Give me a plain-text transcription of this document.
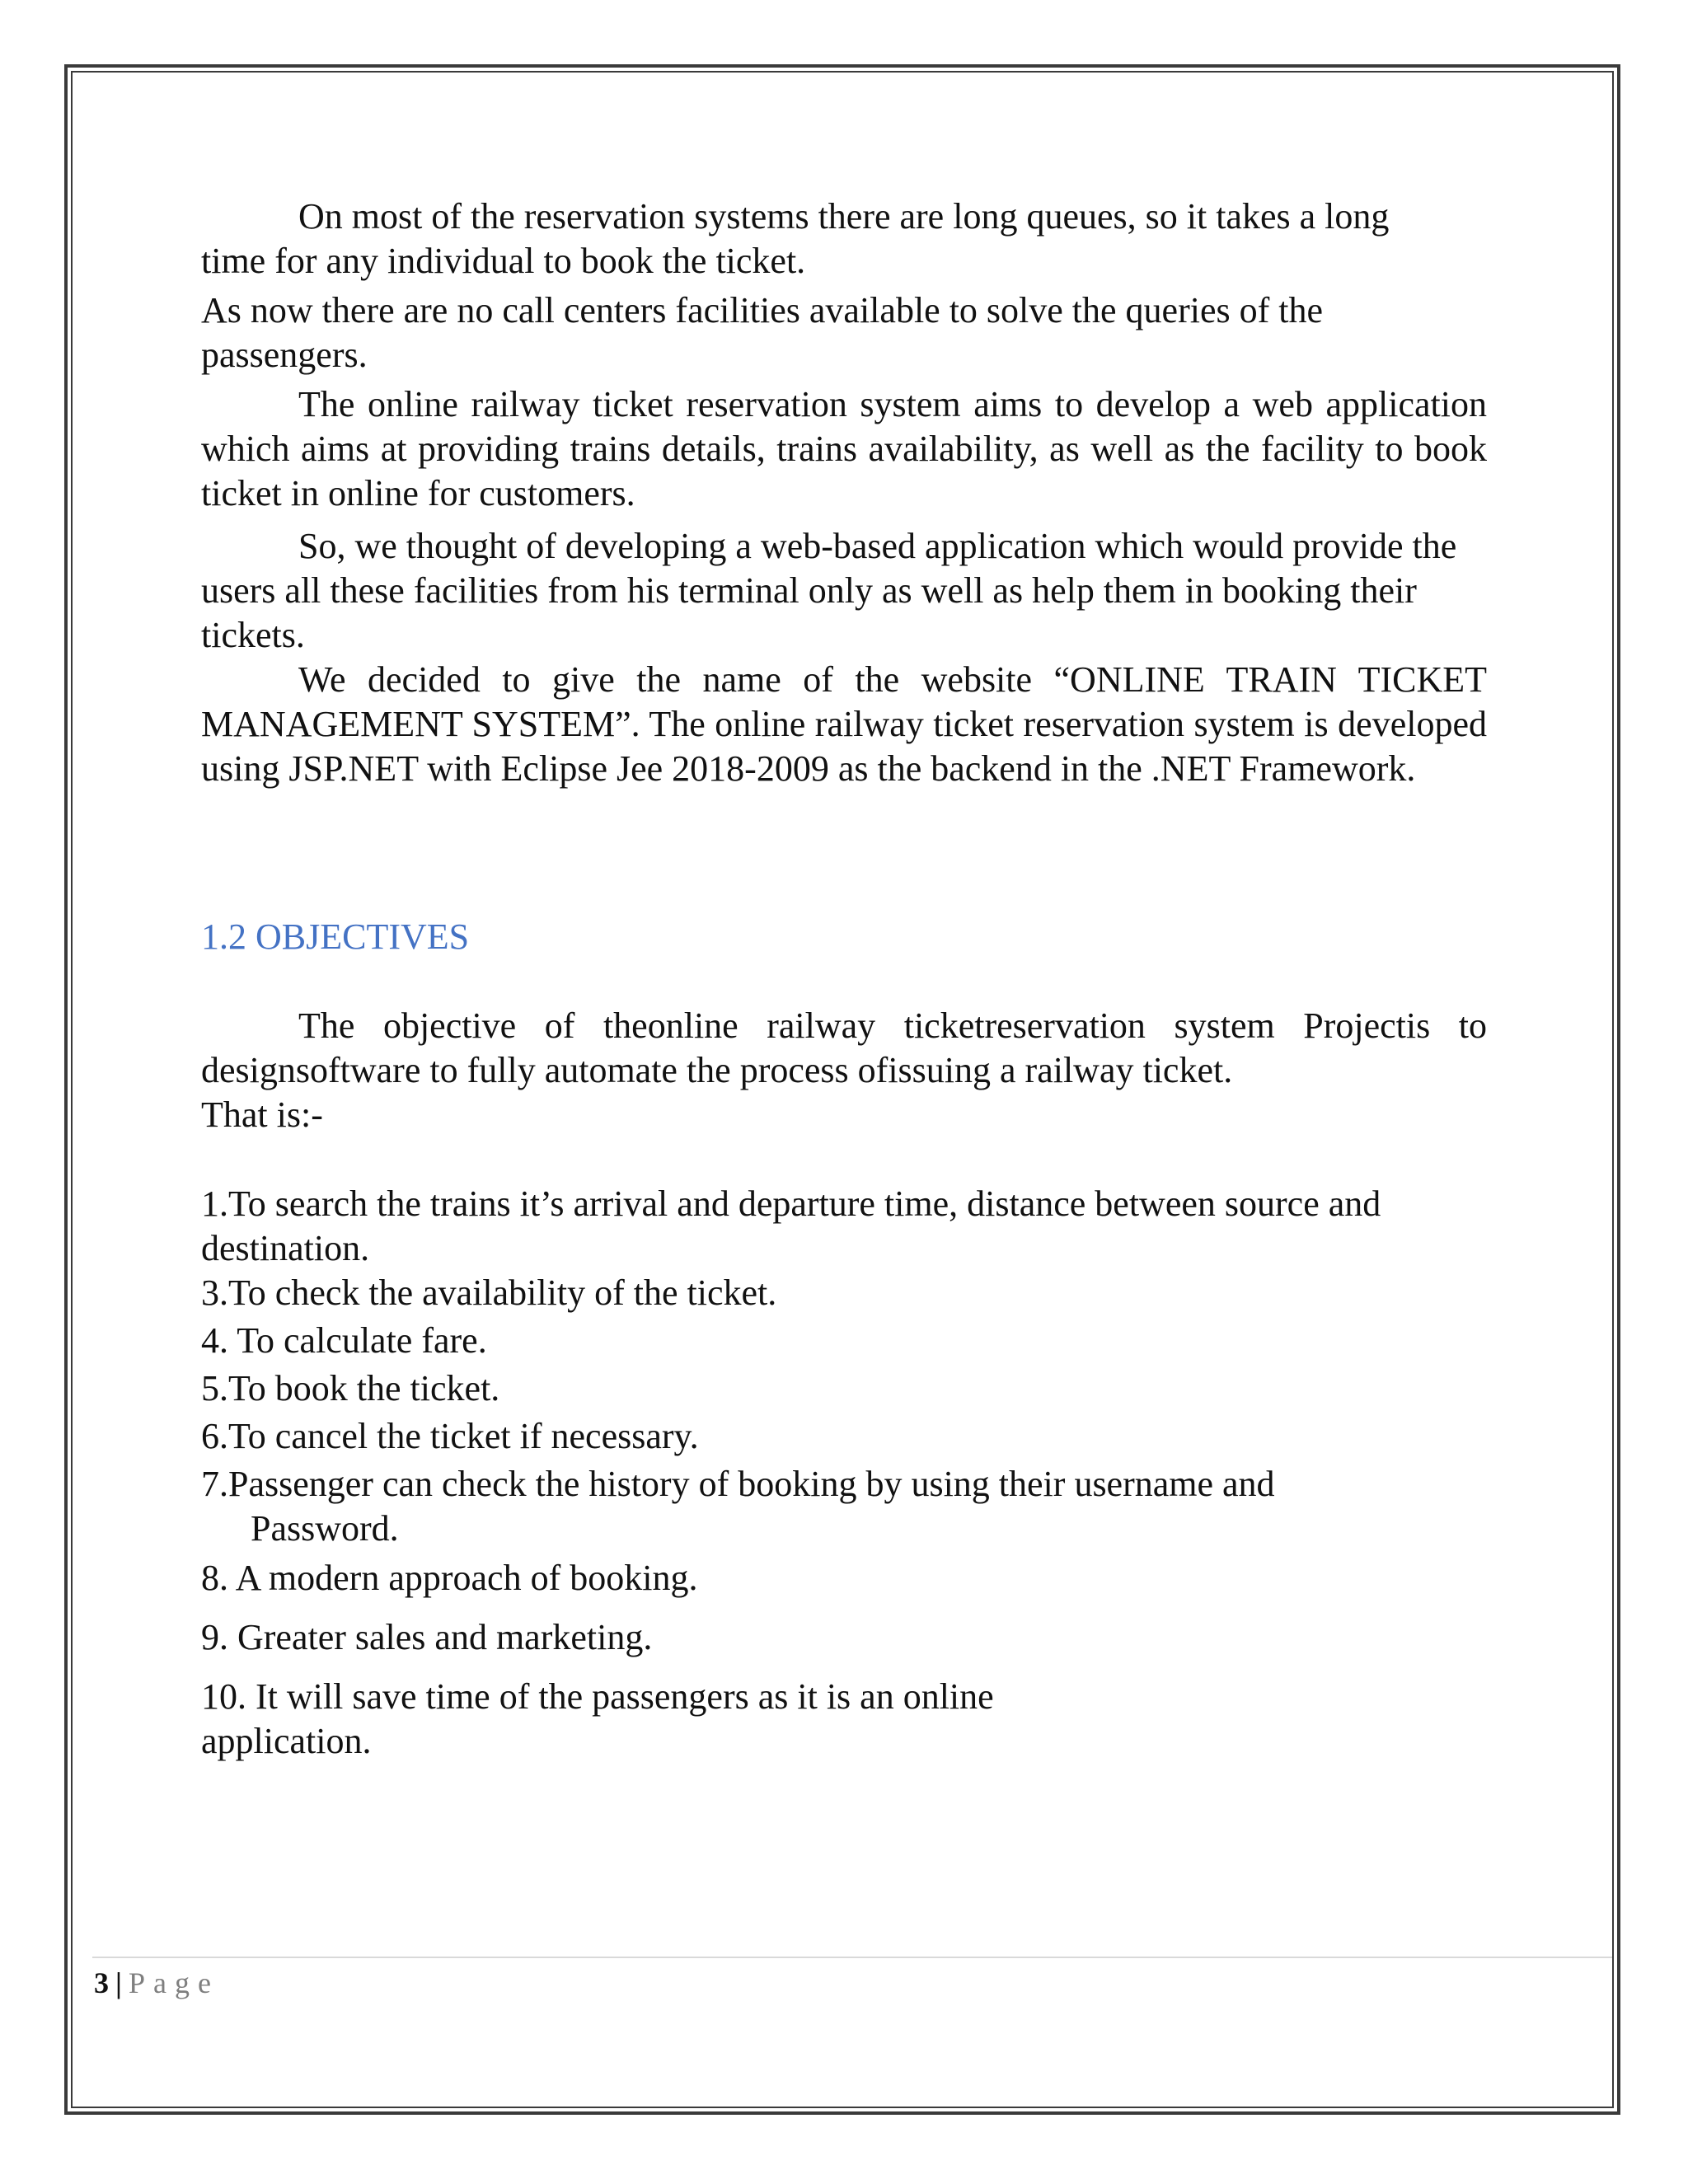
On most of the reservation systems there are long queues, so it takes a long

time for any individual to book the ticket.

As now there are no call centers facilities available to solve the queries of the passengers.

The online railway ticket reservation system aims to develop a web application which aims at providing trains details, trains availability, as well as the facility to book ticket in online for customers.

So, we thought of developing a web-based application which would provide the users all these facilities from his terminal only as well as help them in booking their tickets.

We decided to give the name of the website “ONLINE TRAIN TICKET MANAGEMENT SYSTEM”. The online railway ticket reservation system is developed using JSP.NET with Eclipse Jee 2018-2009 as the backend in the .NET Framework.

1.2 OBJECTIVES

The objective of theonline railway ticketreservation system Projectis to designsoftware to fully automate the process ofissuing a railway ticket.

That is:-

1.To search the trains it’s arrival and departure time, distance between source and destination.

3.To check the availability of the ticket.

4. To calculate fare.

5.To book the ticket.

6.To cancel the ticket if necessary.

7.Passenger can check the history of booking by using their username and

Password.

8. A modern approach of booking.

9. Greater sales and marketing.

10. It will save time of the passengers as it is an online

application.

3 | Page
